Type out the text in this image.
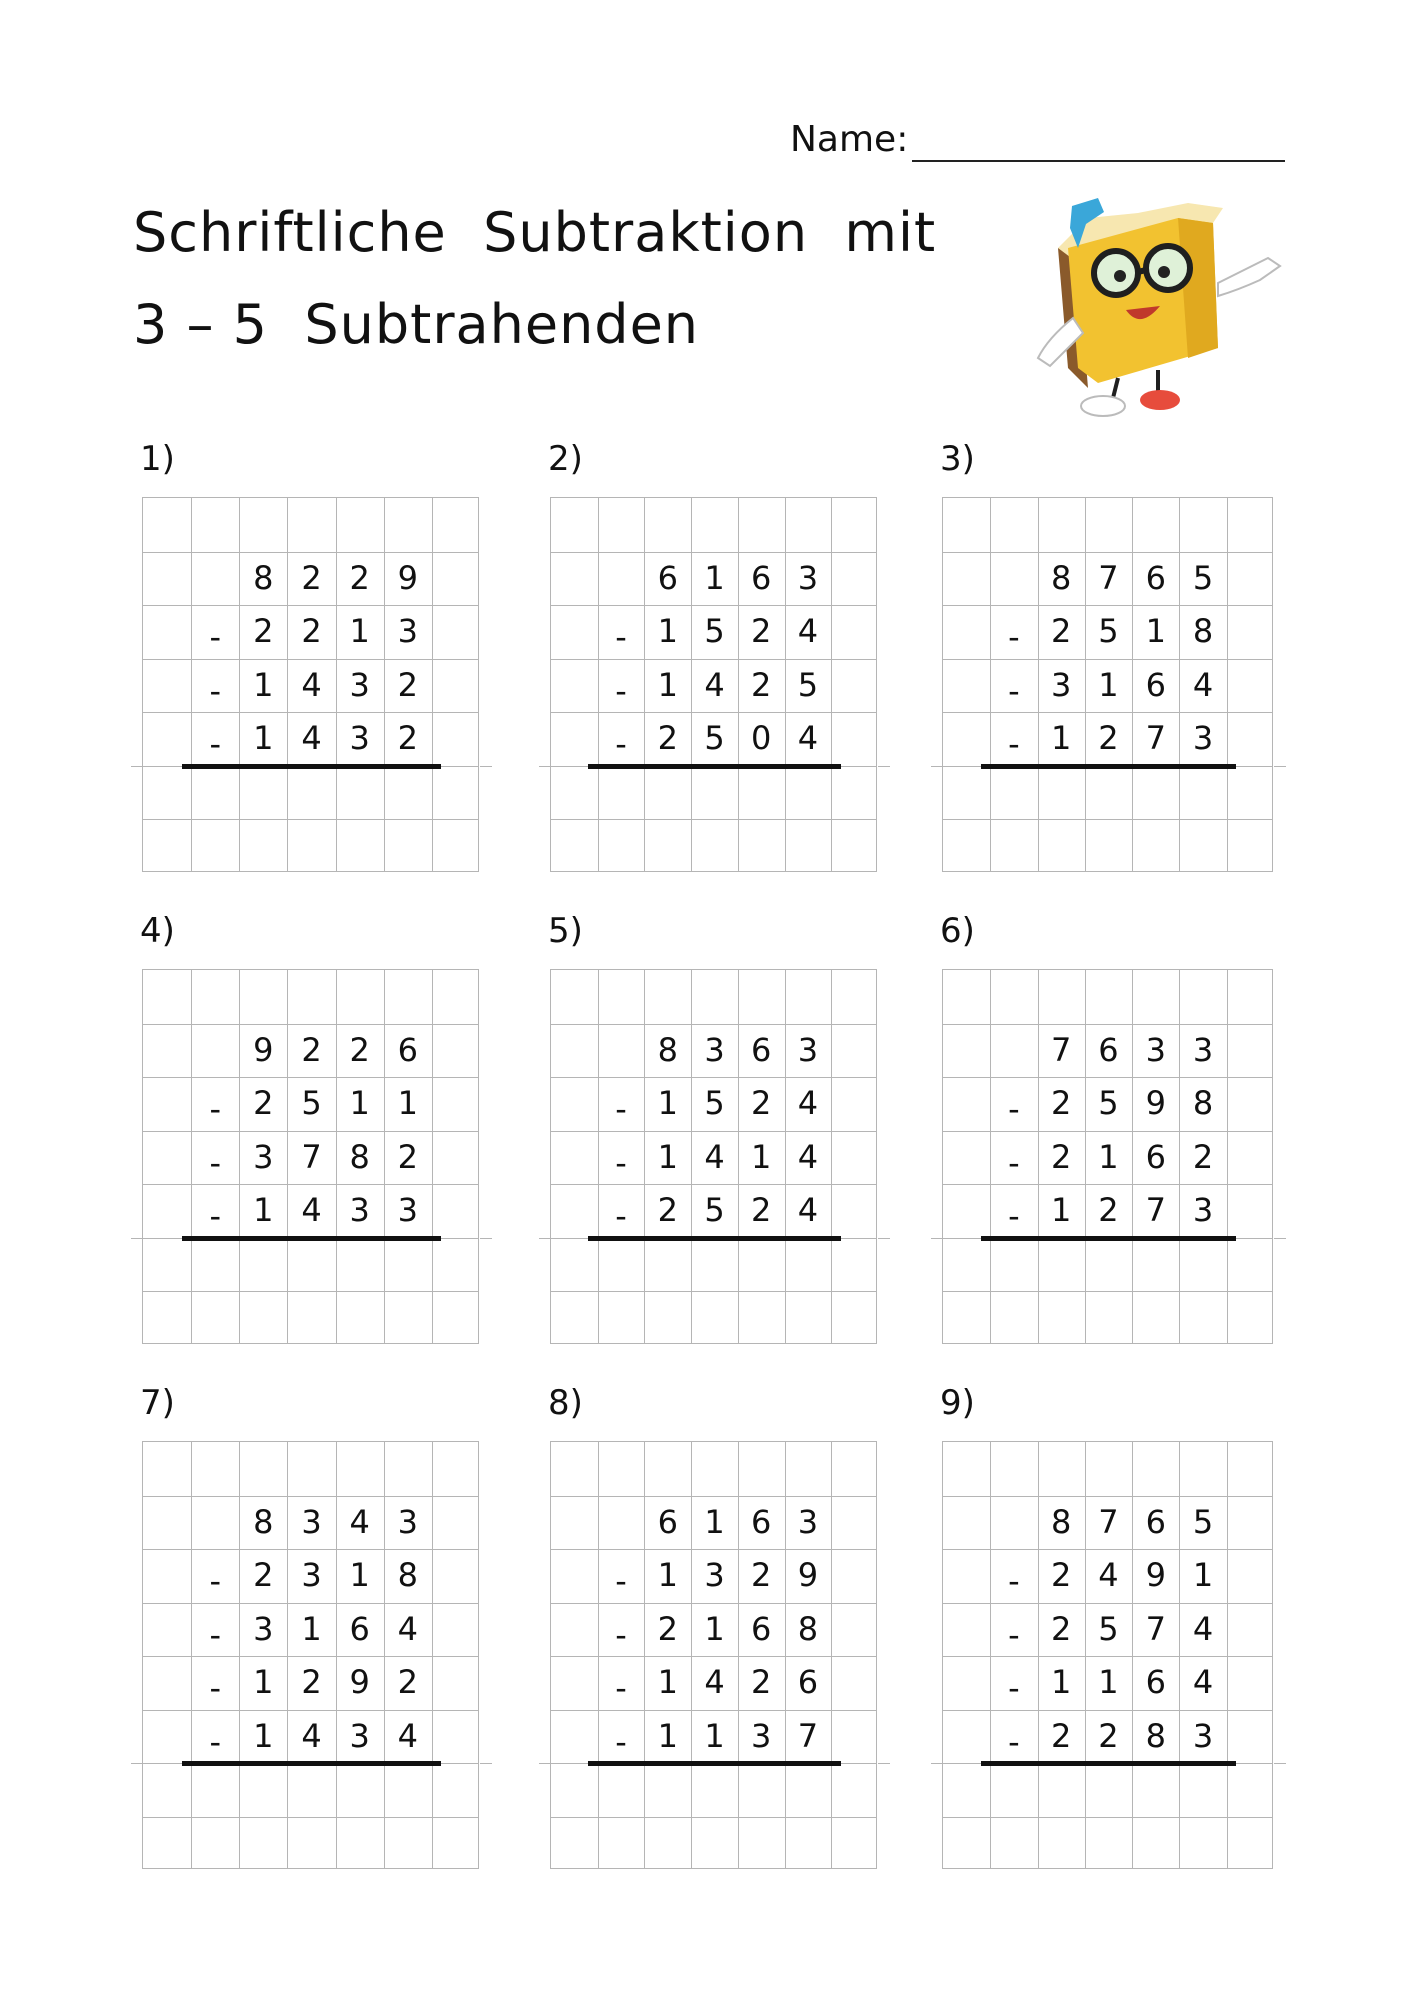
Name:
Schriftliche  Subtraktion  mit
3 – 5  Subtrahenden
1)
8 2 2 9
-	2 2 1 3
-	1 4 3 2
-	1 4 3 2
2)
6 1 6 3
- 1 5 2 4
- 1 4 2 5
- 2 5 0 4
3)
8 7 6 5
- 2 5 1 8
- 3 1 6 4
- 1 2 7 3
4)
9 2 2 6
-	2 5 1 1
-	3 7 8 2
-	1 4 3 3
5)
8 3 6 3
- 1 5 2 4
- 1 4 1 4
- 2 5 2 4
6)
7 6 3 3
- 2 5 9 8
- 2 1 6 2
- 1 2 7 3
7)
8 3 4 3
-	2 3 1 8
-	3 1 6 4
-	1 2 9 2
-	1 4 3 4
8)
6 1 6 3
- 1 3 2 9
- 2 1 6 8
- 1 4 2 6
- 1 1 3 7
9)
8 7 6 5
- 2 4 9 1
- 2 5 7 4
- 1 1 6 4
- 2 2 8 3
